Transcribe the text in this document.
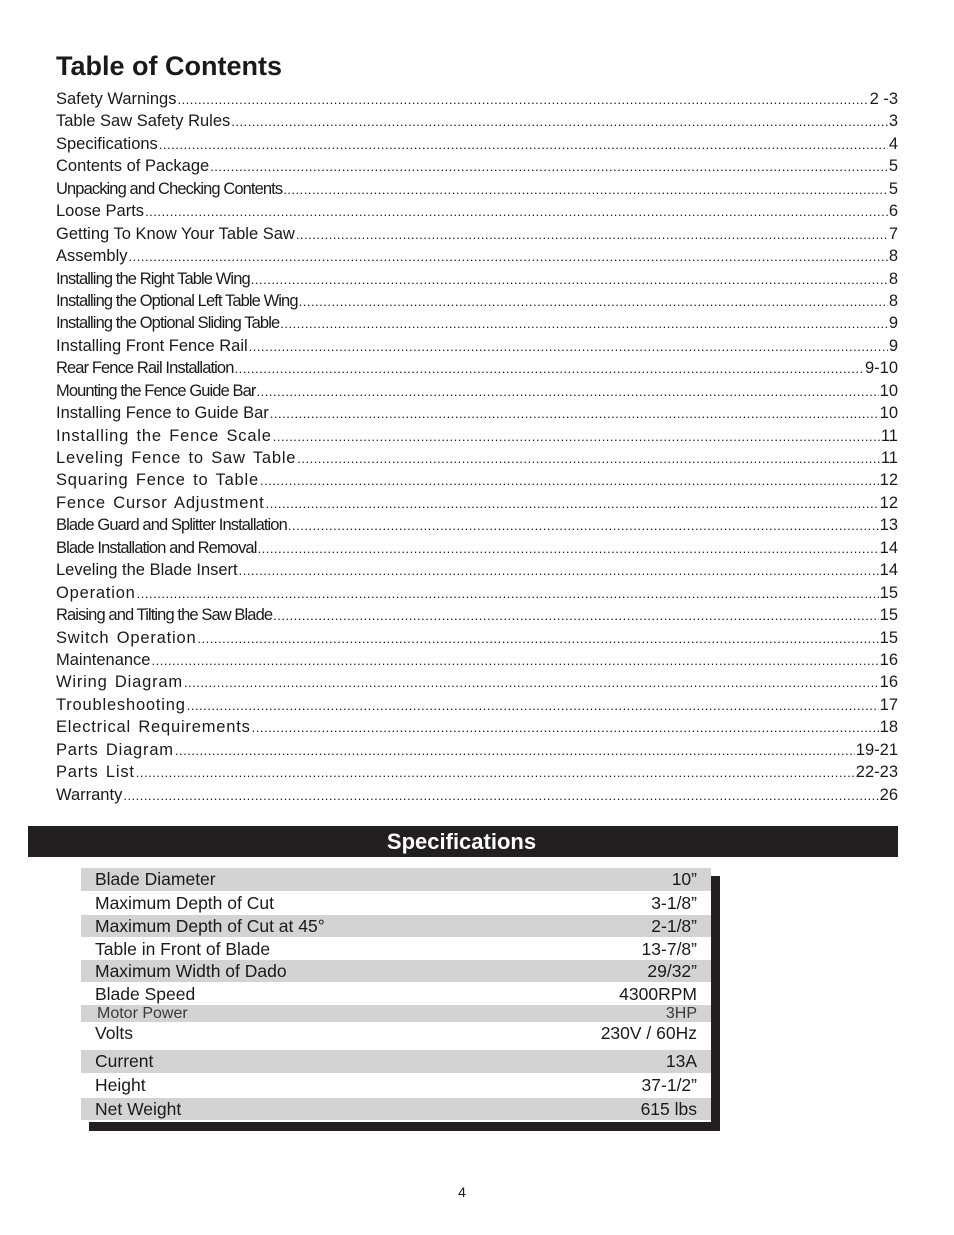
Table of Contents
Safety Warnings .....	2 -3
Table Saw Safety Rules .....	3
Specifications .....	4
Contents of Package .....	5
Unpacking and Checking Contents .....	5
Loose Parts .....	6
Getting To Know Your Table Saw .....	7
Assembly .....	8
Installing the Right Table Wing .....	8
Installing the Optional Left Table Wing .....	8
Installing the Optional Sliding Table .....	9
Installing Front Fence Rail .....	9
Rear Fence Rail Installation .....	9-10
Mounting the Fence Guide Bar .....	10
Installing Fence to Guide Bar .....	10
Installing the Fence Scale .....	11
Leveling Fence to Saw Table .....	11
Squaring Fence to Table .....	12
Fence Cursor Adjustment .....	12
Blade Guard and Splitter Installation .....	13
Blade Installation and Removal .....	14
Leveling the Blade Insert .....	14
Operation .....	15
Raising and Tilting the Saw Blade .....	15
Switch Operation .....	15
Maintenance .....	16
Wiring Diagram .....	16
Troubleshooting .....	17
Electrical Requirements .....	18
Parts Diagram .....	19-21
Parts List .....	22-23
Warranty .....	26
Specifications
Blade Diameter	10”
Maximum Depth of Cut	3-1/8”
Maximum Depth of Cut at 45°	2-1/8”
Table in Front of Blade	13-7/8”
Maximum Width of Dado	29/32”
Blade Speed	4300RPM
Motor Power	3HP
Volts	230V / 60Hz
Current	13A
Height	37-1/2”
Net Weight	615 lbs
4
